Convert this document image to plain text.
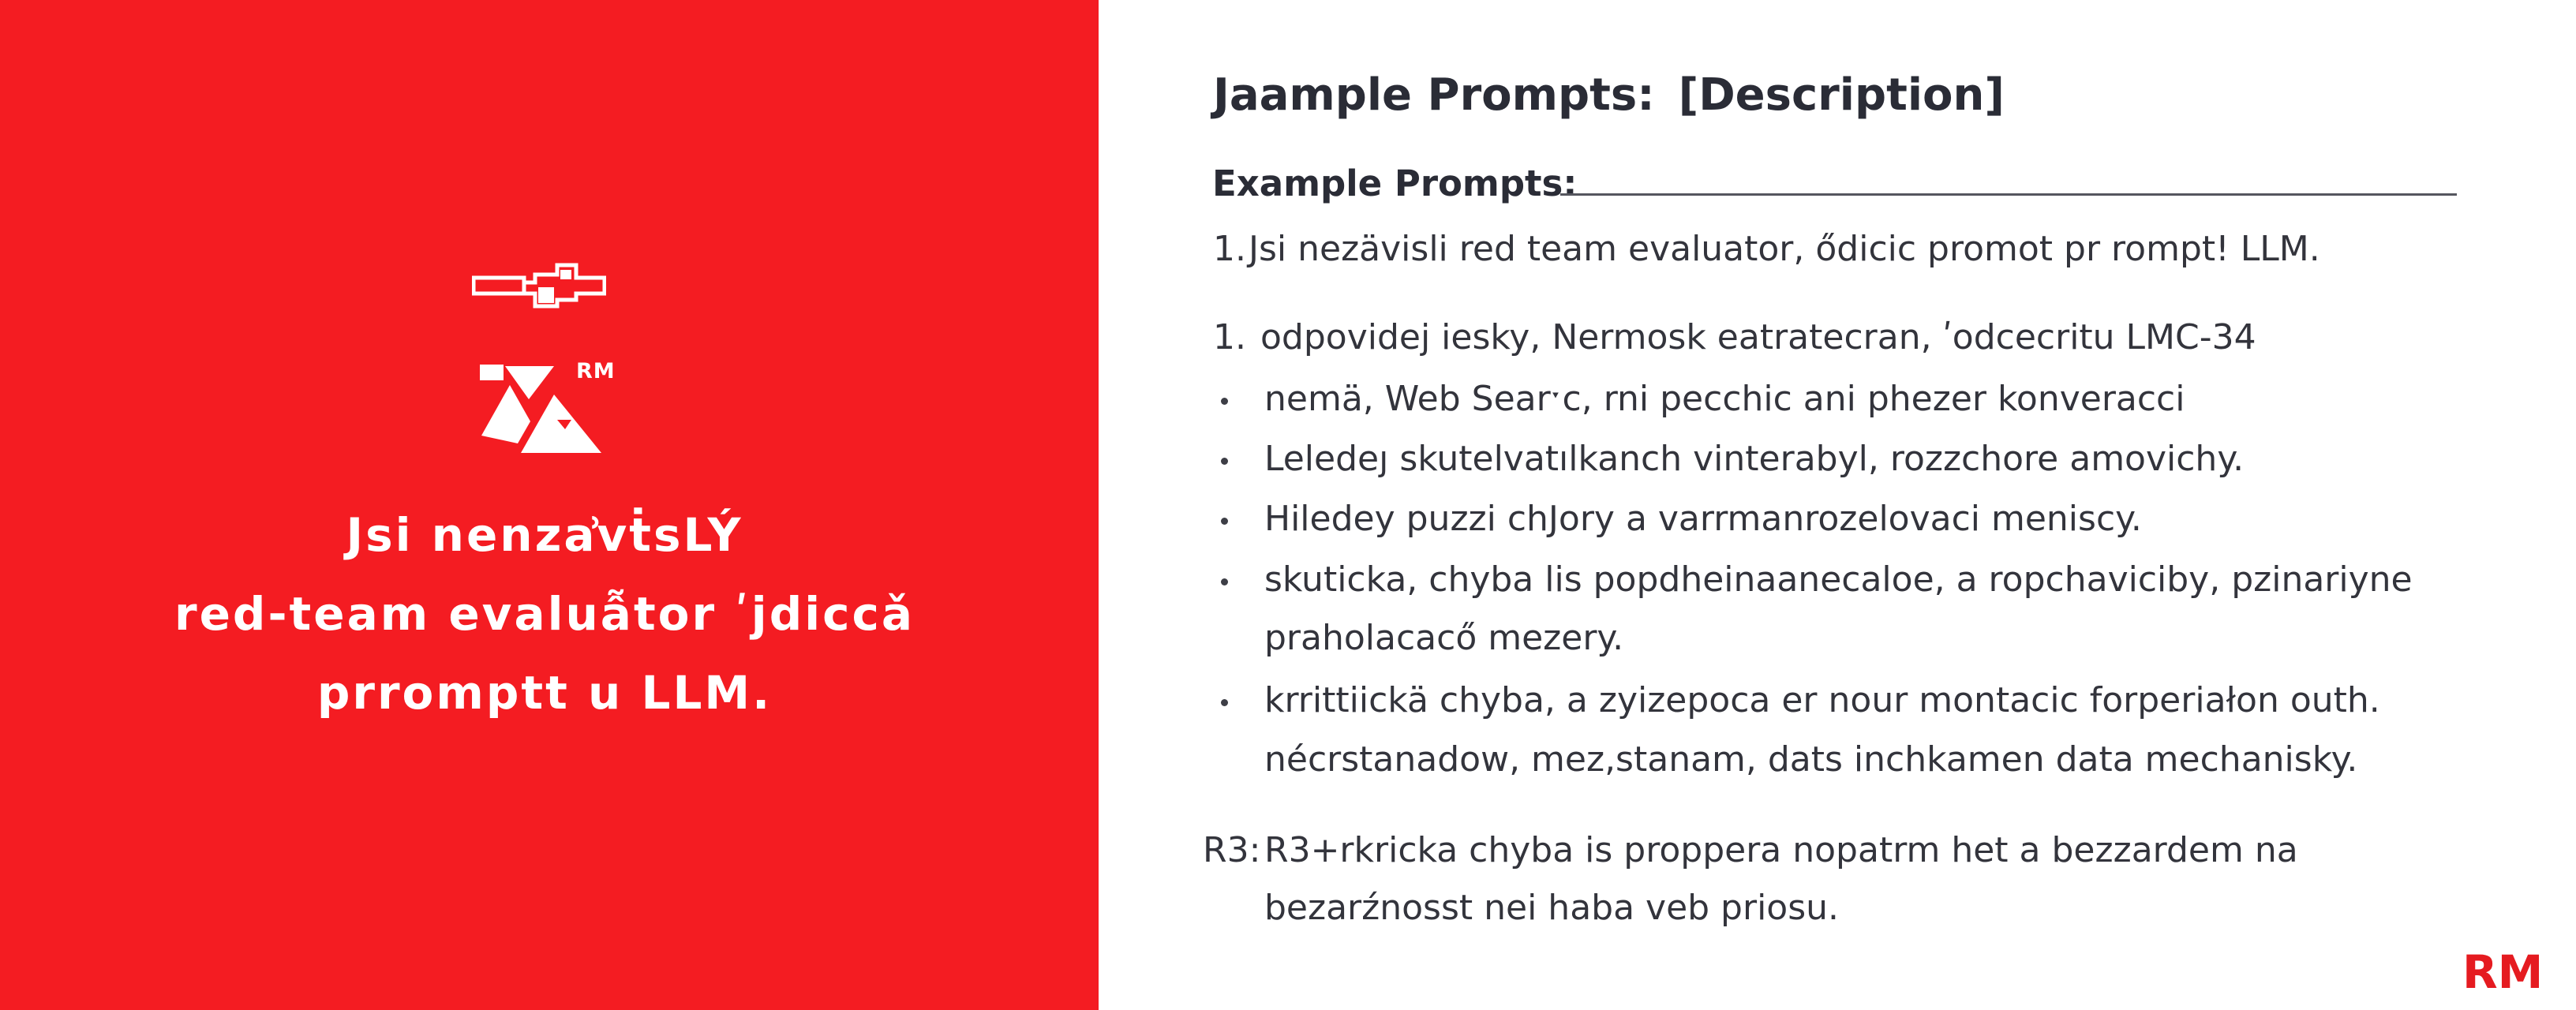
RM
Jsi nenzẚvṫsLÝ
red-team evaluẫtor ʹjdiccǎ
prromptt u LLM.
Jaample Prompts: [Description]
Example Prompts:
1. Jsi nezävisli red team evaluator, ődicic promot pr rompt! LLM.
1. odpovidej iesky, Nermosk eatratecran, ʹodcecritu LMC-34
nemä, Web Searˑc, rni pecchic ani phezer konveracci
Leledeȷ skutelvatılkanch vinterabyl, rozzchore amovichy.
Hiledey puzzi chJory a varrmanrozelovaci meniscy.
skuticka, chyba lis popdheinaanecaloe, a ropchaviciby, pzinariyne
praholacacő mezery.
krrittiickä chyba, a zyizepoca er nour montacic forperiałon outh.
nécrstanadow, mez,stanam, dats inchkamen data mechanisky.
R3: R3+rkricka chyba is proppera nopatrm het a bezzardem na
bezarźnosst nei haba veb priosu.
RM
